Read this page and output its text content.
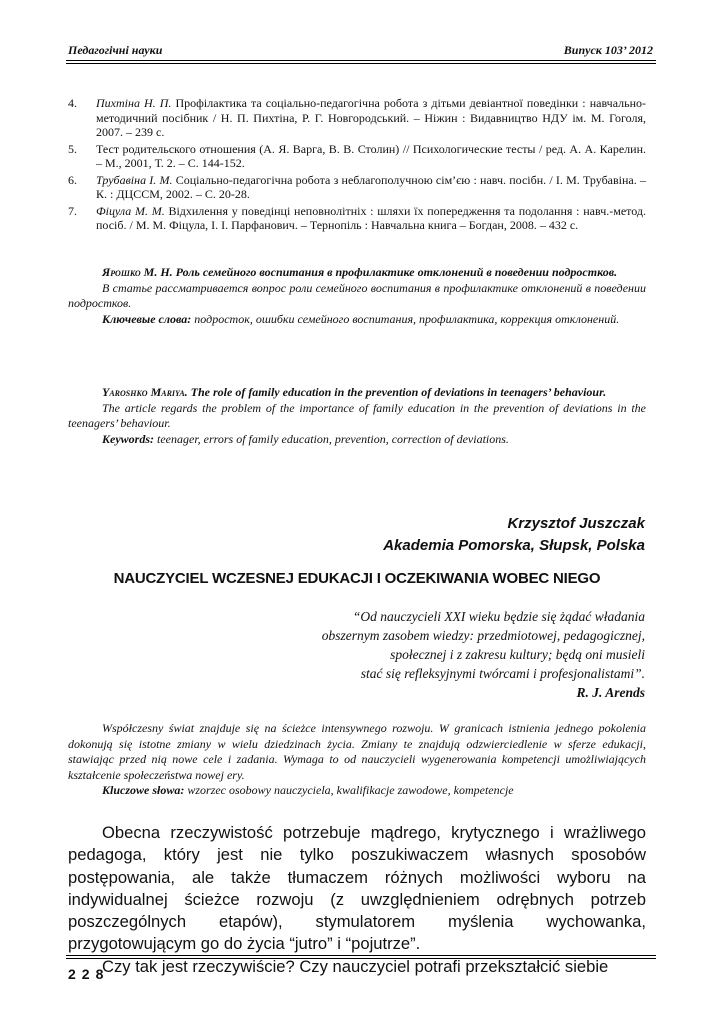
Педагогічні науки	Випуск 103’ 2012
4.	Пихтіна Н. П. Профілактика та соціально-педагогічна робота з дітьми девіантної поведінки : навчально-методичний посібник / Н. П. Пихтіна, Р. Г. Новгородський. – Ніжин : Видавництво НДУ ім. М. Гоголя, 2007. – 239 с.
5.	Тест родительского отношения (А. Я. Варга, В. В. Столин) // Психологические тесты / ред. А. А. Карелин. – М., 2001, Т. 2. – С. 144-152.
6.	Трубавіна І. М. Соціально-педагогічна робота з неблагополучною сім’єю : навч. посібн. / І. М. Трубавіна. – К. : ДЦССМ, 2002. – С. 20-28.
7.	Фіцула М. М. Відхилення у поведінці неповнолітніх : шляхи їх попередження та подолання : навч.-метод. посіб. / М. М. Фіцула, І. І. Парфанович. – Тернопіль : Навчальна книга – Богдан, 2008. – 432 с.

Ярошко М. Н. Роль семейного воспитания в профилактике отклонений в поведении подростков.

В статье рассматривается вопрос роли семейного воспитания в профилактике отклонений в поведении подростков.

Ключевые слова: подросток, ошибки семейного воспитания, профилактика, коррекция отклонений.

Yaroshko Mariya. The role of family education in the prevention of deviations in teenagers’ behaviour.

The article regards the problem of the importance of family education in the prevention of deviations in the teenagers’ behaviour.

Keywords: teenager, errors of family education, prevention, correction of deviations.

Krzysztof Juszczak
Akademia Pomorska, Słupsk, Polska
NAUCZYCIEL WCZESNEJ EDUKACJI I OCZEKIWANIA WOBEC NIEGO
“Od nauczycieli XXI wieku będzie się żądać władania
obszernym zasobem wiedzy: przedmiotowej, pedagogicznej,
społecznej i z zakresu kultury; będą oni musieli
stać się refleksyjnymi twórcami i profesjonalistami”.
R. J. Arends

Współczesny świat znajduje się na ścieżce intensywnego rozwoju. W granicach istnienia jednego pokolenia dokonują się istotne zmiany w wielu dziedzinach życia. Zmiany te znajdują odzwierciedlenie w sferze edukacji, stawiając przed nią nowe cele i zadania. Wymaga to od nauczycieli wygenerowania kompetencji umożliwiających kształcenie społeczeństwa nowej ery.

Kluczowe słowa: wzorzec osobowy nauczyciela, kwalifikacje zawodowe, kompetencje

Obecna rzeczywistość potrzebuje mądrego, krytycznego i wrażliwego pedagoga, który jest nie tylko poszukiwaczem własnych sposobów postępowania, ale także tłumaczem różnych możliwości wyboru na indywidualnej ścieżce rozwoju (z uwzględnieniem odrębnych potrzeb poszczególnych etapów), stymulatorem myślenia wychowanka, przygotowującym go do życia “jutro” i “pojutrze”.

Czy tak jest rzeczywiście? Czy nauczyciel potrafi przekształcić siebie

228
